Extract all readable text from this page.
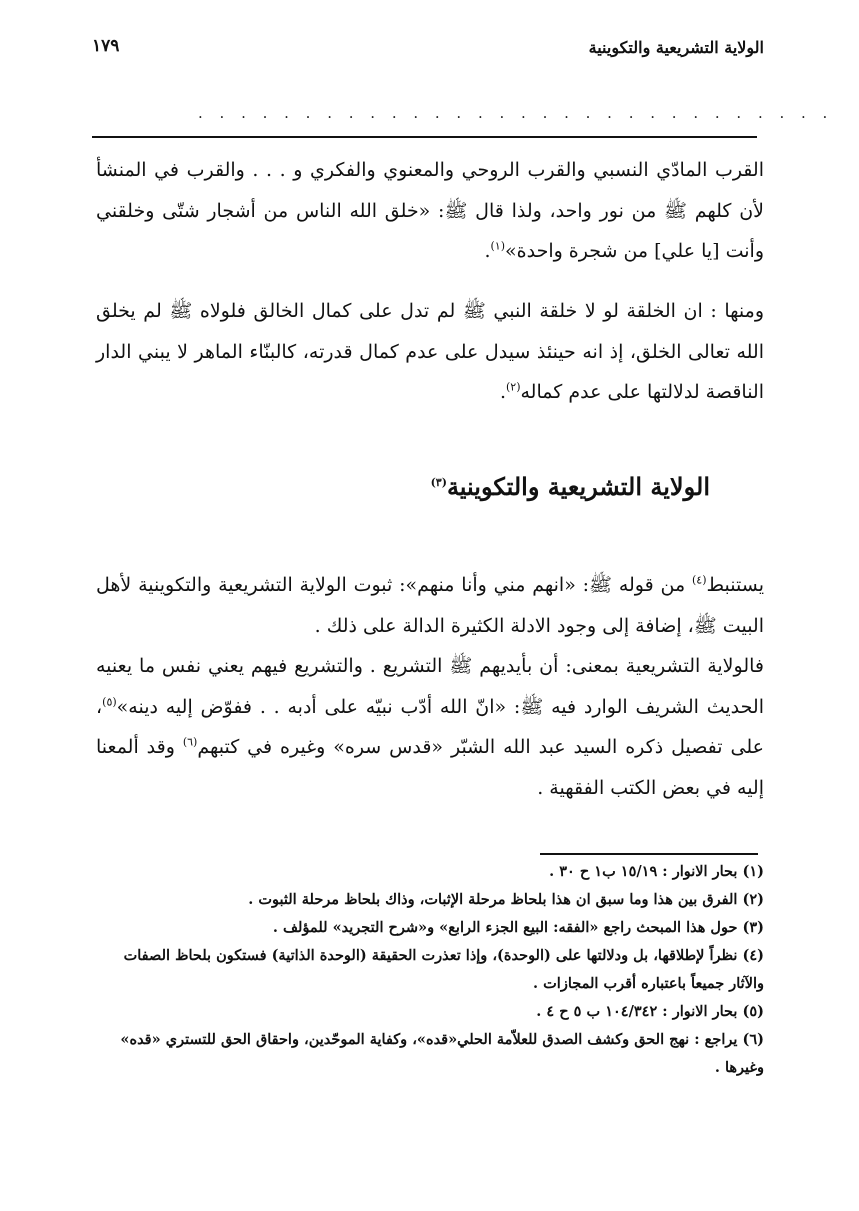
الولاية التشريعية والتكوينية
١٧٩
. . . . . . . . . . . . . . . . . . . . . . . . . . . . . .

القرب المادّي النسبي والقرب الروحي والمعنوي والفكري و . . . والقرب في المنشأ لأن كلهم ﷺ من نور واحد، ولذا قال ﷺ: «خلق الله الناس من أشجار شتّى وخلقني وأنت [يا علي] من شجرة واحدة»$^{(١)}$.

ومنها : ان الخلقة لو لا خلقة النبي ﷺ لم تدل على كمال الخالق فلولاه ﷺ لم يخلق الله تعالى الخلق، إذ انه حينئذ سيدل على عدم كمال قدرته، كالبنّاء الماهر لا يبني الدار الناقصة لدلالتها على عدم كماله$^{(٢)}$.

الولاية التشريعية والتكوينية$^{(٣)}$

يستنبط$^{(٤)}$ من قوله ﷺ: «انهم مني وأنا منهم»: ثبوت الولاية التشريعية والتكوينية لأهل البيت ﷺ، إضافة إلى وجود الادلة الكثيرة الدالة على ذلك .

فالولاية التشريعية بمعنى: أن بأيديهم ﷺ التشريع . والتشريع فيهم يعني نفس ما يعنيه الحديث الشريف الوارد فيه ﷺ: «انّ الله أدّب نبيّه على أدبه . . ففوّض إليه دينه»$^{(٥)}$، على تفصيل ذكره السيد عبد الله الشبّر «قدس سره» وغيره في كتبهم$^{(٦)}$ وقد ألمعنا إليه في بعض الكتب الفقهية .

(١) بحار الانوار : ١٥/١٩ ب١ ح ٣٠ .

(٢) الفرق بين هذا وما سبق ان هذا بلحاظ مرحلة الإثبات، وذاك بلحاظ مرحلة الثبوت .

(٣) حول هذا المبحث راجع «الفقه: البيع الجزء الرابع» و«شرح التجريد» للمؤلف .

(٤) نظراً لإطلاقها، بل ودلالتها على (الوحدة)، وإذا تعذرت الحقيقة (الوحدة الذاتية) فستكون بلحاظ الصفات والآثار جميعاً باعتباره أقرب المجازات .

(٥) بحار الانوار : ١٠٤/٣٤٢ ب ٥ ح ٤ .

(٦) يراجع : نهج الحق وكشف الصدق للعلاّمة الحلي«قده»، وكفاية الموحّدين، واحقاق الحق للتستري «قده» وغيرها .
